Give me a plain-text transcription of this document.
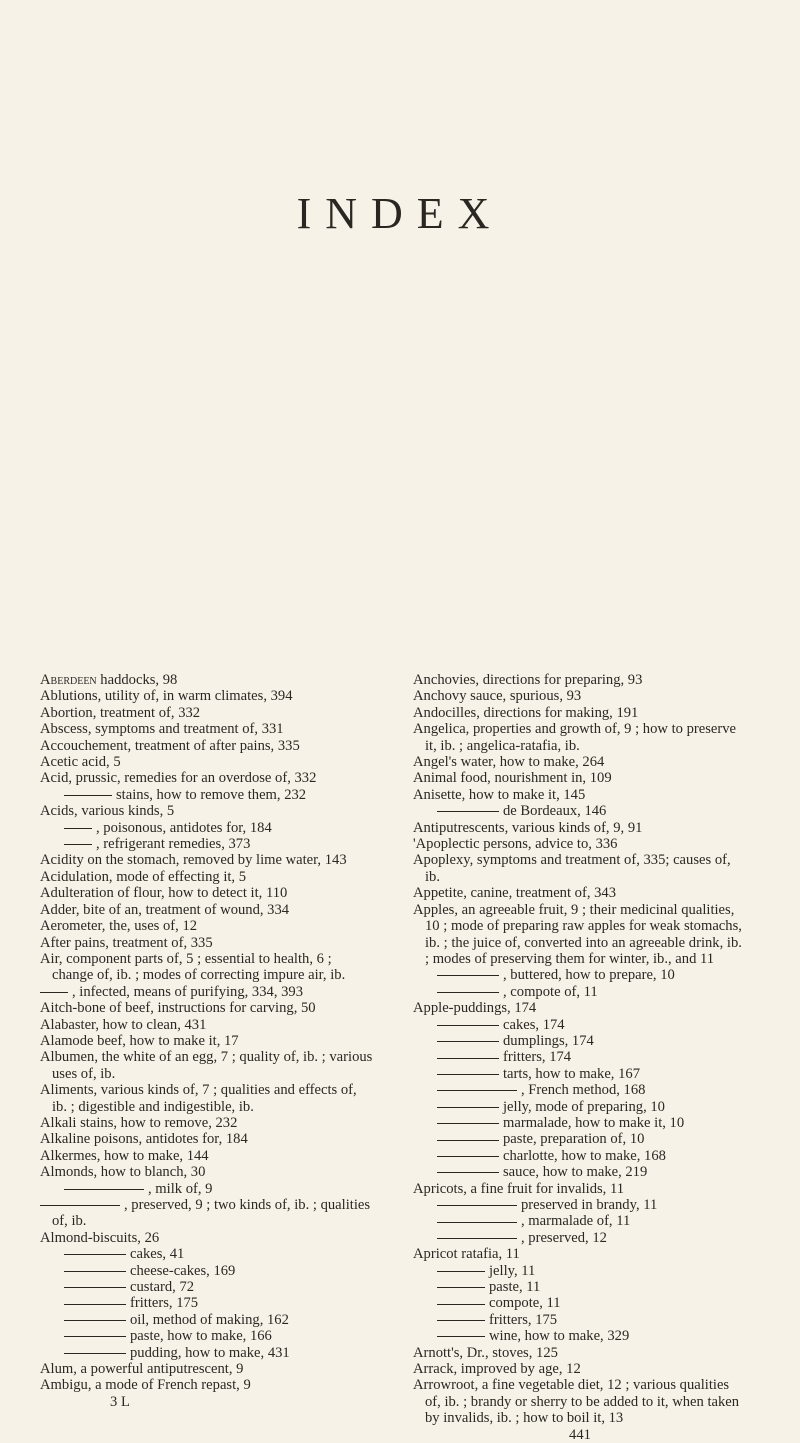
INDEX
Aberdeen haddocks, 98
Ablutions, utility of, in warm climates, 394
Abortion, treatment of, 332
Abscess, symptoms and treatment of, 331
Accouchement, treatment of after pains, 335
Acetic acid, 5
Acid, prussic, remedies for an overdose of, 332
stains, how to remove them, 232
Acids, various kinds, 5
, poisonous, antidotes for, 184
, refrigerant remedies, 373
Acidity on the stomach, removed by lime water, 143
Acidulation, mode of effecting it, 5
Adulteration of flour, how to detect it, 110
Adder, bite of an, treatment of wound, 334
Aerometer, the, uses of, 12
After pains, treatment of, 335
Air, component parts of, 5 ; essential to health, 6 ; change of, ib. ; modes of correcting impure air, ib.
, infected, means of purifying, 334, 393
Aitch-bone of beef, instructions for carving, 50
Alabaster, how to clean, 431
Alamode beef, how to make it, 17
Albumen, the white of an egg, 7 ; quality of, ib. ; various uses of, ib.
Aliments, various kinds of, 7 ; qualities and effects of, ib. ; digestible and indigestible, ib.
Alkali stains, how to remove, 232
Alkaline poisons, antidotes for, 184
Alkermes, how to make, 144
Almonds, how to blanch, 30
, milk of, 9
, preserved, 9 ; two kinds of, ib. ; qualities of, ib.
Almond-biscuits, 26
cakes, 41
cheese-cakes, 169
custard, 72
fritters, 175
oil, method of making, 162
paste, how to make, 166
pudding, how to make, 431
Alum, a powerful antiputrescent, 9
Ambigu, a mode of French repast, 9
3 L
Anchovies, directions for preparing, 93
Anchovy sauce, spurious, 93
Andocilles, directions for making, 191
Angelica, properties and growth of, 9 ; how to preserve it, ib. ; angelica-ratafia, ib.
Angel's water, how to make, 264
Animal food, nourishment in, 109
Anisette, how to make it, 145
de Bordeaux, 146
Antiputrescents, various kinds of, 9, 91
'Apoplectic persons, advice to, 336
Apoplexy, symptoms and treatment of, 335; causes of, ib.
Appetite, canine, treatment of, 343
Apples, an agreeable fruit, 9 ; their medicinal qualities, 10 ; mode of preparing raw apples for weak stomachs, ib. ; the juice of, converted into an agreeable drink, ib. ; modes of preserving them for winter, ib., and 11
, buttered, how to prepare, 10
, compote of, 11
Apple-puddings, 174
cakes, 174
dumplings, 174
fritters, 174
tarts, how to make, 167
, French method, 168
jelly, mode of preparing, 10
marmalade, how to make it, 10
paste, preparation of, 10
charlotte, how to make, 168
sauce, how to make, 219
Apricots, a fine fruit for invalids, 11
preserved in brandy, 11
, marmalade of, 11
, preserved, 12
Apricot ratafia, 11
jelly, 11
paste, 11
compote, 11
fritters, 175
wine, how to make, 329
Arnott's, Dr., stoves, 125
Arrack, improved by age, 12
Arrowroot, a fine vegetable diet, 12 ; various qualities of, ib. ; brandy or sherry to be added to it, when taken by invalids, ib. ; how to boil it, 13
441
